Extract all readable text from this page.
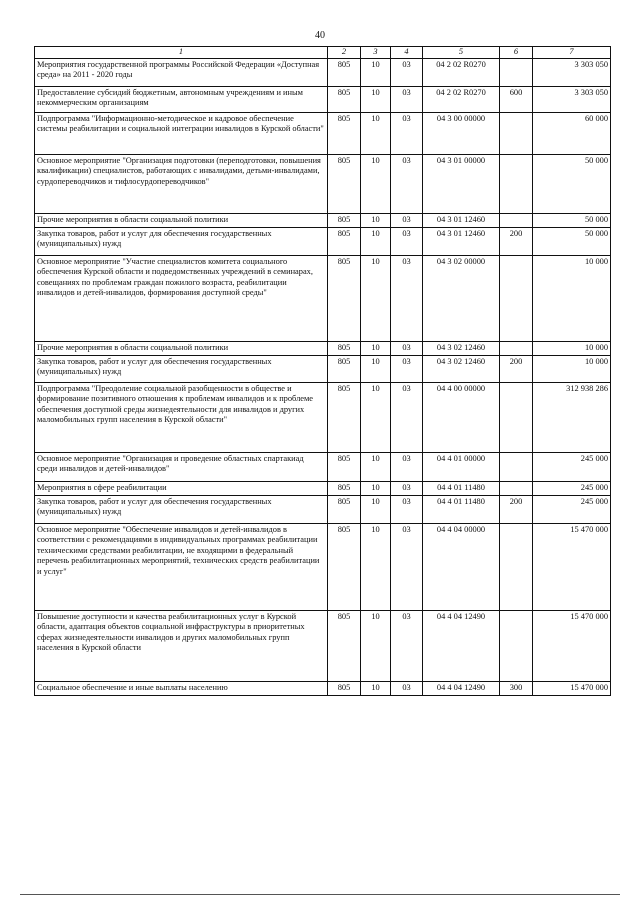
40
1	2	3	4	5	6	7
Мероприятия государственной программы Российской Федерации «Доступная среда» на 2011 - 2020 годы	805	10	03	04 2 02 R0270		3 303 050
Предоставление субсидий бюджетным, автономным учреждениям и иным некоммерческим организациям	805	10	03	04 2 02 R0270	600	3 303 050
Подпрограмма "Информационно-методическое и кадровое обеспечение системы реабилитации и социальной интеграции инвалидов в Курской области"	805	10	03	04 3 00 00000		60 000
Основное мероприятие "Организация подготовки (переподготовки, повышения квалификации) специалистов, работающих с инвалидами, детьми-инвалидами, сурдопереводчиков и тифлосурдопереводчиков"	805	10	03	04 3 01 00000		50 000
Прочие мероприятия в области социальной политики	805	10	03	04 3 01 12460		50 000
Закупка товаров, работ и услуг для обеспечения государственных (муниципальных) нужд	805	10	03	04 3 01 12460	200	50 000
Основное мероприятие "Участие специалистов комитета социального обеспечения Курской области и подведомственных учреждений в семинарах, совещаниях по проблемам граждан пожилого возраста, реабилитации инвалидов и детей-инвалидов, формирования доступной среды"	805	10	03	04 3 02 00000		10 000
Прочие мероприятия в области социальной политики	805	10	03	04 3 02 12460		10 000
Закупка товаров, работ и услуг для обеспечения государственных (муниципальных) нужд	805	10	03	04 3 02 12460	200	10 000
Подпрограмма "Преодоление социальной разобщенности в обществе и формирование позитивного отношения к проблемам инвалидов и к проблеме обеспечения доступной среды жизнедеятельности для инвалидов и других маломобильных групп населения в Курской области"	805	10	03	04 4 00 00000		312 938 286
Основное мероприятие "Организация и проведение областных спартакиад среди инвалидов и детей-инвалидов"	805	10	03	04 4 01 00000		245 000
Мероприятия в сфере реабилитации	805	10	03	04 4 01 11480		245 000
Закупка товаров, работ и услуг для обеспечения государственных (муниципальных) нужд	805	10	03	04 4 01 11480	200	245 000
Основное мероприятие "Обеспечение инвалидов и детей-инвалидов в соответствии с рекомендациями в индивидуальных программах реабилитации техническими средствами реабилитации, не входящими в федеральный перечень реабилитационных мероприятий, технических средств реабилитации и услуг"	805	10	03	04 4 04 00000		15 470 000
Повышение доступности и качества реабилитационных услуг в Курской области, адаптация объектов социальной инфраструктуры в приоритетных сферах жизнедеятельности инвалидов и других маломобильных групп населения в Курской области	805	10	03	04 4 04 12490		15 470 000
Социальное обеспечение и иные выплаты населению	805	10	03	04 4 04 12490	300	15 470 000
